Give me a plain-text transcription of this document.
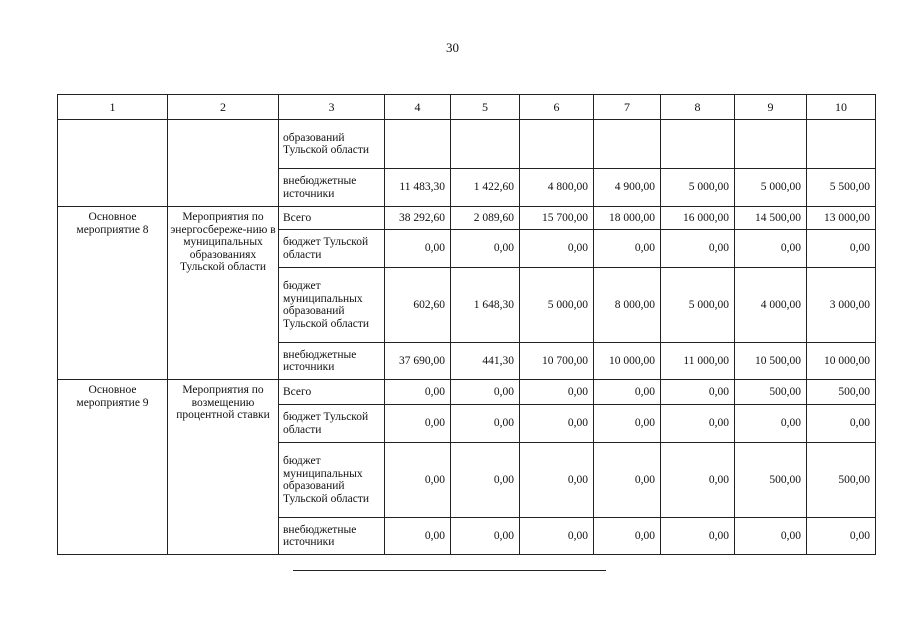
30
1	2	3	4	5	6	7	8	9	10
		образований Тульской области							
		внебюджетные источники	11 483,30	1 422,60	4 800,00	4 900,00	5 000,00	5 000,00	5 500,00
Основное мероприятие 8	Мероприятия по энергосбереже-нию в муниципальных образованиях Тульской области	Всего	38 292,60	2 089,60	15 700,00	18 000,00	16 000,00	14 500,00	13 000,00
		бюджет Тульской области	0,00	0,00	0,00	0,00	0,00	0,00	0,00
		бюджет муниципальных образований Тульской области	602,60	1 648,30	5 000,00	8 000,00	5 000,00	4 000,00	3 000,00
		внебюджетные источники	37 690,00	441,30	10 700,00	10 000,00	11 000,00	10 500,00	10 000,00
Основное мероприятие 9	Мероприятия по возмещению процентной ставки	Всего	0,00	0,00	0,00	0,00	0,00	500,00	500,00
		бюджет Тульской области	0,00	0,00	0,00	0,00	0,00	0,00	0,00
		бюджет муниципальных образований Тульской области	0,00	0,00	0,00	0,00	0,00	500,00	500,00
		внебюджетные источники	0,00	0,00	0,00	0,00	0,00	0,00	0,00
